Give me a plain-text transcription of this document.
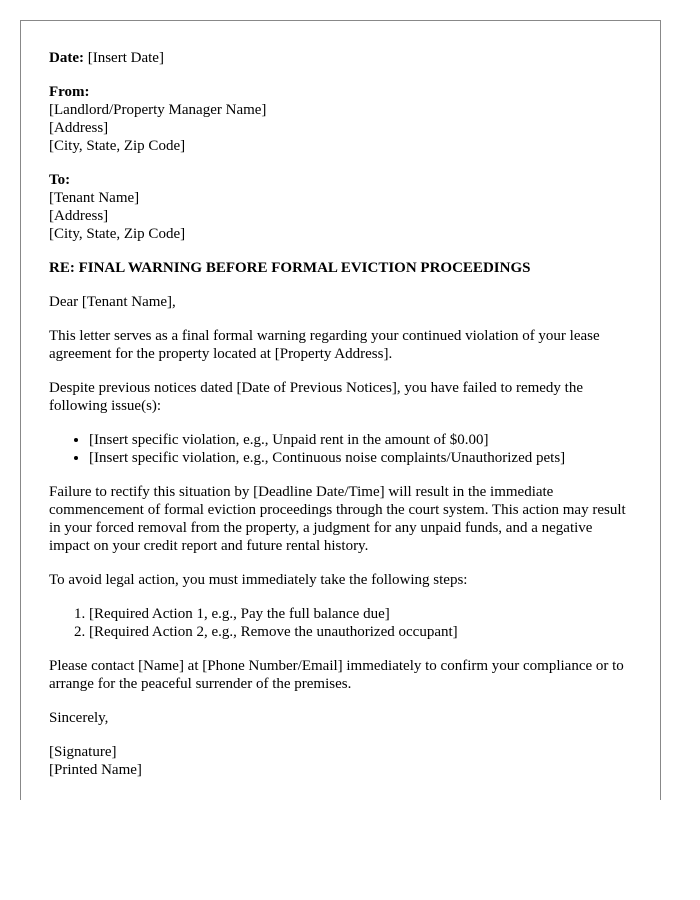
Date: [Insert Date]
From:
[Landlord/Property Manager Name]
[Address]
[City, State, Zip Code]
To:
[Tenant Name]
[Address]
[City, State, Zip Code]

RE: FINAL WARNING BEFORE FORMAL EVICTION PROCEEDINGS

Dear [Tenant Name],

This letter serves as a final formal warning regarding your continued violation of your lease agreement for the property located at [Property Address].

Despite previous notices dated [Date of Previous Notices], you have failed to remedy the following issue(s):

• [Insert specific violation, e.g., Unpaid rent in the amount of $0.00]
• [Insert specific violation, e.g., Continuous noise complaints/Unauthorized pets]

Failure to rectify this situation by [Deadline Date/Time] will result in the immediate commencement of formal eviction proceedings through the court system. This action may result in your forced removal from the property, a judgment for any unpaid funds, and a negative impact on your credit report and future rental history.

To avoid legal action, you must immediately take the following steps:

1. [Required Action 1, e.g., Pay the full balance due]
2. [Required Action 2, e.g., Remove the unauthorized occupant]

Please contact [Name] at [Phone Number/Email] immediately to confirm your compliance or to arrange for the peaceful surrender of the premises.

Sincerely,

[Signature]
[Printed Name]
